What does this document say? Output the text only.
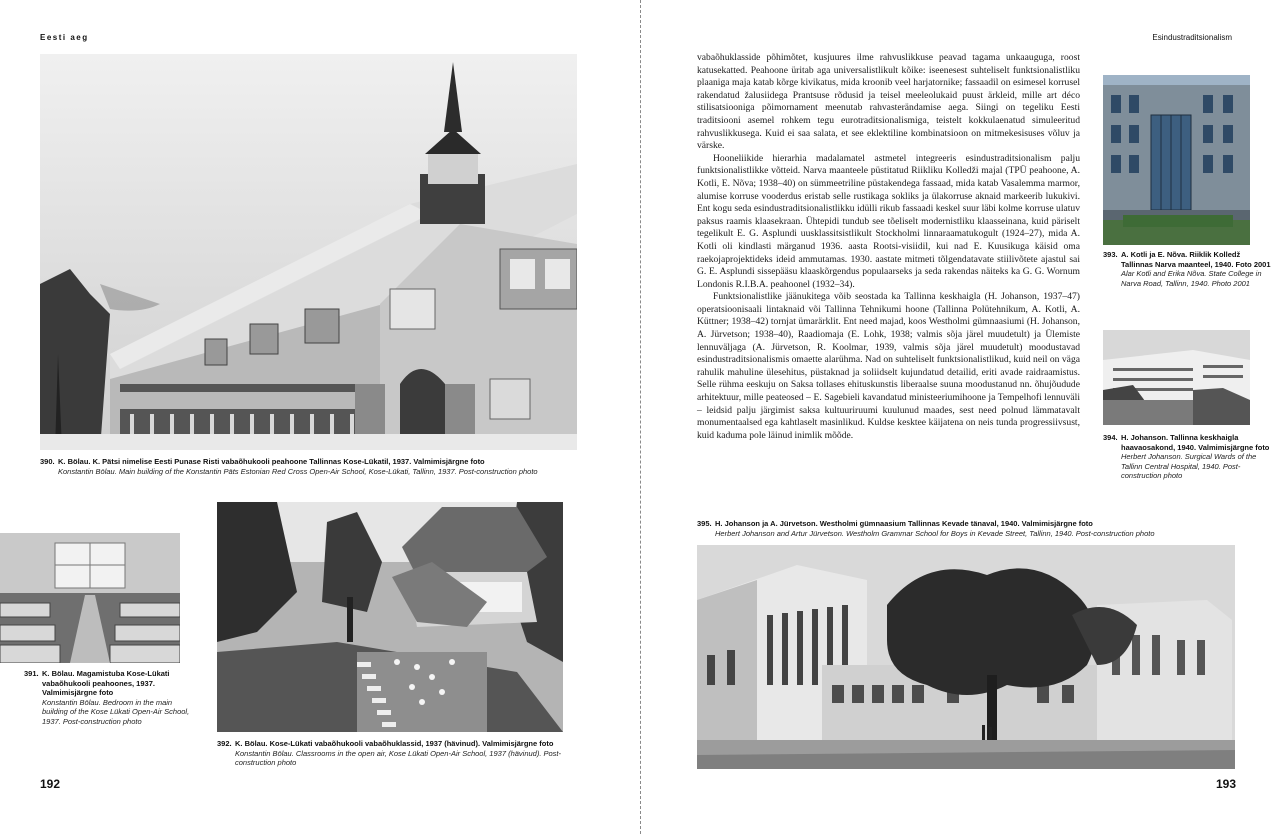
Eesti aeg
390. K. Bölau. K. Pätsi nimelise Eesti Punase Risti vabaõhukooli peahoone Tallinnas Kose-Lükatil, 1937. Valmimisjärgne foto
Konstantin Bölau. Main building of the Konstantin Päts Estonian Red Cross Open-Air School, Kose-Lükati, Tallinn, 1937. Post-construction photo
391. K. Bölau. Magamistuba Kose-Lükati vabaõhukooli peahoones, 1937. Valmimisjärgne foto
Konstantin Bölau. Bedroom in the main building of the Kose Lükati Open-Air School, 1937. Post-construction photo
392. K. Bölau. Kose-Lükati vabaõhukooli vabaõhuklassid, 1937 (hävinud). Valmimisjärgne foto
Konstantin Bölau. Classrooms in the open air, Kose Lükati Open-Air School, 1937 (hävinud). Post-construction photo
192
Esindustraditsionalism

vabaõhuklasside põhimõtet, kusjuures ilme rahvuslikkuse peavad tagama unkaauguga, roost katusekatted. Peahoone üritab aga universalistlikult kõike: iseenesest suhteliselt funktsionalistliku plaaniga maja katab kõrge kivikatus, mida kroonib veel harjatornike; fassaadil on esimesel korrusel rakendatud žalusiidega Prantsuse rõdusid ja teisel meeleolukaid puust ärkleid, mille art déco stilisatsiooniga põimornament meenutab rahvasterändamise aega. Siingi on tegeliku Eesti traditsiooni asemel rohkem tegu eurotraditsionalismiga, teistelt kokkulaenatud simuleeritud rahvuslikkusega. Kuid ei saa salata, et see eklektiline kombinatsioon on mitmekesisuses võluv ja värske.

Hooneliikide hierarhia madalamatel astmetel integreeris esindustraditsionalism palju funktsionalistlikke võtteid. Narva maanteele püstitatud Riikliku Kolledži majal (TPÜ peahoone, A. Kotli, E. Nõva; 1938–40) on sümmeetriline püstakendega fassaad, mida katab Vasalemma marmor, alumise korruse vooderdus eristab selle rustikaga sokliks ja ülakorruse aknaid markeerib lukukivi. Ent kogu seda esindustraditsionalistlikku idülli rikub fassaadi keskel suur läbi kolme korruse ulatuv paksus raamis klaasekraan. Ühtepidi tundub see tõeliselt modernistliku klaasseinana, kuid päriselt tegelikult E. G. Asplundi uusklassitsistlikult Stockholmi linnaraamatukogult (1924–27), mida A. Kotli oli kindlasti märganud 1936. aasta Rootsi-visiidil, kui nad E. Kuusikuga käisid oma raekojaprojektideks ideid ammutamas. 1930. aastate mitmeti tõlgendatavate stiilivõtete ajastul sai G. E. Asplundi sissepääsu klaaskõrgendus populaarseks ja seda rakendas näiteks ka G. G. Wornum Londonis R.I.B.A. peahoonel (1932–34).

Funktsionalistlike jäänukitega võib seostada ka Tallinna keskhaigla (H. Johanson, 1937–47) operatsioonisaali lintaknaid või Tallinna Tehnikumi hoone (Tallinna Polütehnikum, A. Kotli, A. Küttner; 1938–42) tornjat ümarärklit. Ent need majad, koos Westholmi gümnaasiumi (H. Johanson, A. Jürvetson; 1938–40), Raadiomaja (E. Lohk, 1938; valmis sõja järel muudetult) ja Ülemiste lennuväljaga (A. Jürvetson, R. Koolmar, 1939, valmis sõja järel muudetult) moodustavad esindustraditsionalismis omaette alarühma. Nad on suhteliselt funktsionalistlikud, kuid neil on väga rahulik mahuline ülesehitus, püstaknad ja soliidselt kujundatud detailid, eriti avade raidraamistus. Selle rühma eeskuju on Saksa tollases ehituskunstis liberaalse suuna moodustanud nn. õhujõudude arhitektuur, mille peateosed – E. Sagebieli kavandatud ministeeriumihoone ja Tempelhofi lennuväli – leidsid palju järgimist saksa kultuuriruumi kuulunud maades, sest need polnud lämmatavalt monumentaalsed ega kahtlaselt masinlikud. Kuldse kesktee käijatena on neis tunda progressiivsust, kuid kaduma pole läinud inimlik mõõde.

393. A. Kotli ja E. Nõva. Riiklik Kolledž Tallinnas Narva maanteel, 1940. Foto 2001
Alar Kotli and Erika Nõva. State College in Narva Road, Tallinn, 1940. Photo 2001
394. H. Johanson. Tallinna keskhaigla haavaosakond, 1940. Valmimisjärgne foto
Herbert Johanson. Surgical Wards of the Tallinn Central Hospital, 1940. Post-construction photo
395. H. Johanson ja A. Jürvetson. Westholmi gümnaasium Tallinnas Kevade tänaval, 1940. Valmimisjärgne foto
Herbert Johanson and Artur Jürvetson. Westholm Grammar School for Boys in Kevade Street, Tallinn, 1940. Post-construction photo
193
